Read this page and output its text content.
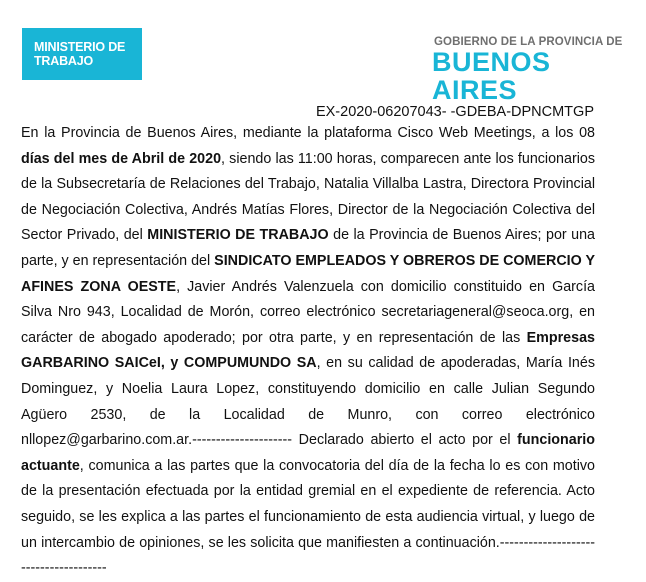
MINISTERIO DE
TRABAJO
GOBIERNO DE LA PROVINCIA DE
BUENOS AIRES
EX-2020-06207043- -GDEBA-DPNCMTGP

En la Provincia de Buenos Aires, mediante la plataforma Cisco Web Meetings, a los 08 días del mes de Abril de 2020, siendo las 11:00 horas, comparecen ante los funcionarios de la Subsecretaría de Relaciones del Trabajo, Natalia Villalba Lastra, Directora Provincial de Negociación Colectiva, Andrés Matías Flores, Director de la Negociación Colectiva del Sector Privado, del MINISTERIO DE TRABAJO de la Provincia de Buenos Aires; por una parte, y en representación del SINDICATO EMPLEADOS Y OBREROS DE COMERCIO Y AFINES ZONA OESTE, Javier Andrés Valenzuela con domicilio constituido en García Silva Nro 943, Localidad de Morón, correo electrónico secretariageneral@seoca.org, en carácter de abogado apoderado; por otra parte, y en representación de las Empresas GARBARINO SAICeI, y COMPUMUNDO SA, en su calidad de apoderadas, María Inés Dominguez, y Noelia Laura Lopez, constituyendo domicilio en calle Julian Segundo Agüero 2530, de la Localidad de Munro, con correo electrónico nllopez@garbarino.com.ar.--------------------- Declarado abierto el acto por el funcionario actuante, comunica a las partes que la convocatoria del día de la fecha lo es con motivo de la presentación efectuada por la entidad gremial en el expediente de referencia. Acto seguido, se les explica a las partes el funcionamiento de esta audiencia virtual, y luego de un intercambio de opiniones, se les solicita que manifiesten a continuación.--------------------------------------
